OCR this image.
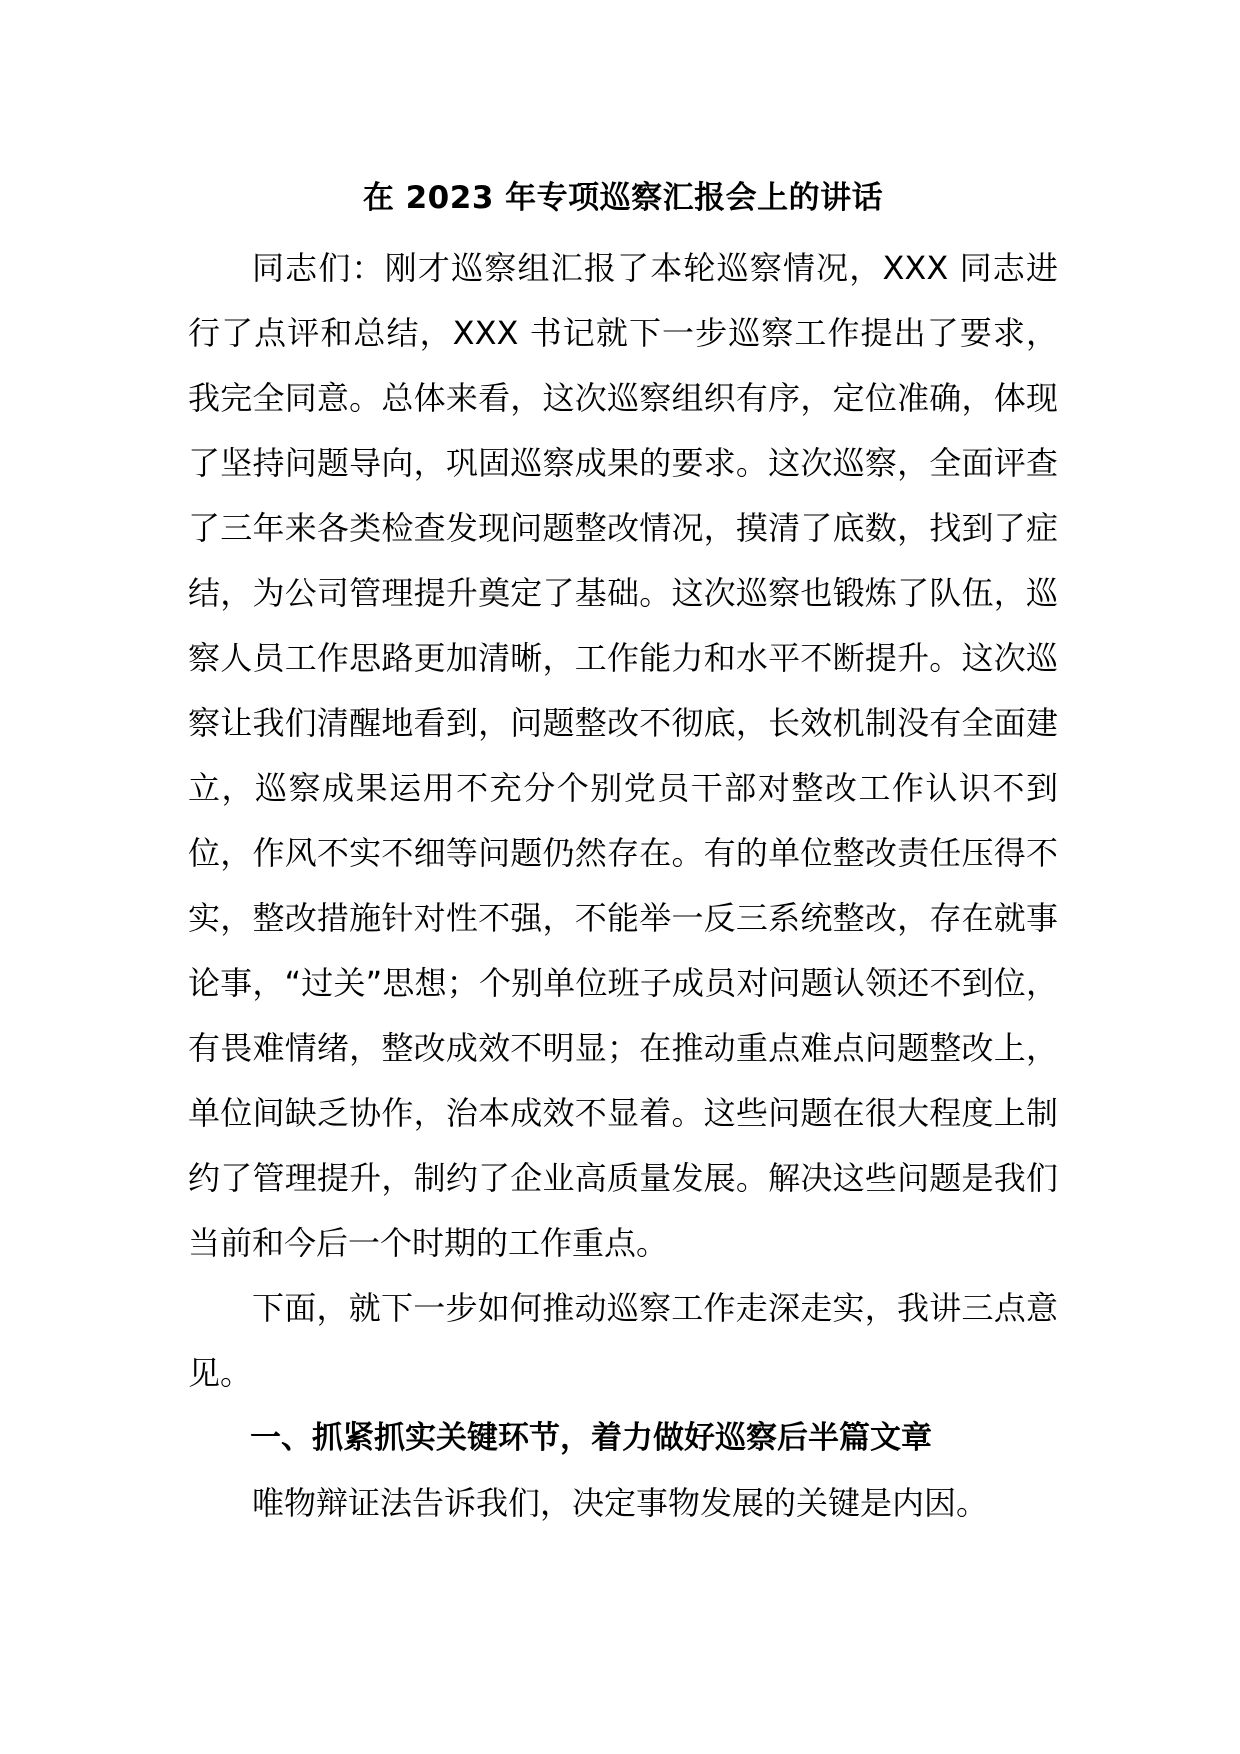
在 2023 年专项巡察汇报会上的讲话

同志们：刚才巡察组汇报了本轮巡察情况，XXX 同志进行了点评和总结，XXX 书记就下一步巡察工作提出了要求，我完全同意。总体来看，这次巡察组织有序，定位准确，体现了坚持问题导向，巩固巡察成果的要求。这次巡察，全面评查了三年来各类检查发现问题整改情况，摸清了底数，找到了症结，为公司管理提升奠定了基础。这次巡察也锻炼了队伍，巡察人员工作思路更加清晰，工作能力和水平不断提升。这次巡察让我们清醒地看到，问题整改不彻底，长效机制没有全面建立，巡察成果运用不充分个别党员干部对整改工作认识不到位，作风不实不细等问题仍然存在。有的单位整改责任压得不实，整改措施针对性不强，不能举一反三系统整改，存在就事论事，“过关”思想；个别单位班子成员对问题认领还不到位，有畏难情绪，整改成效不明显；在推动重点难点问题整改上，单位间缺乏协作，治本成效不显着。这些问题在很大程度上制约了管理提升，制约了企业高质量发展。解决这些问题是我们当前和今后一个时期的工作重点。

下面，就下一步如何推动巡察工作走深走实，我讲三点意见。

一、抓紧抓实关键环节，着力做好巡察后半篇文章

唯物辩证法告诉我们，决定事物发展的关键是内因。
